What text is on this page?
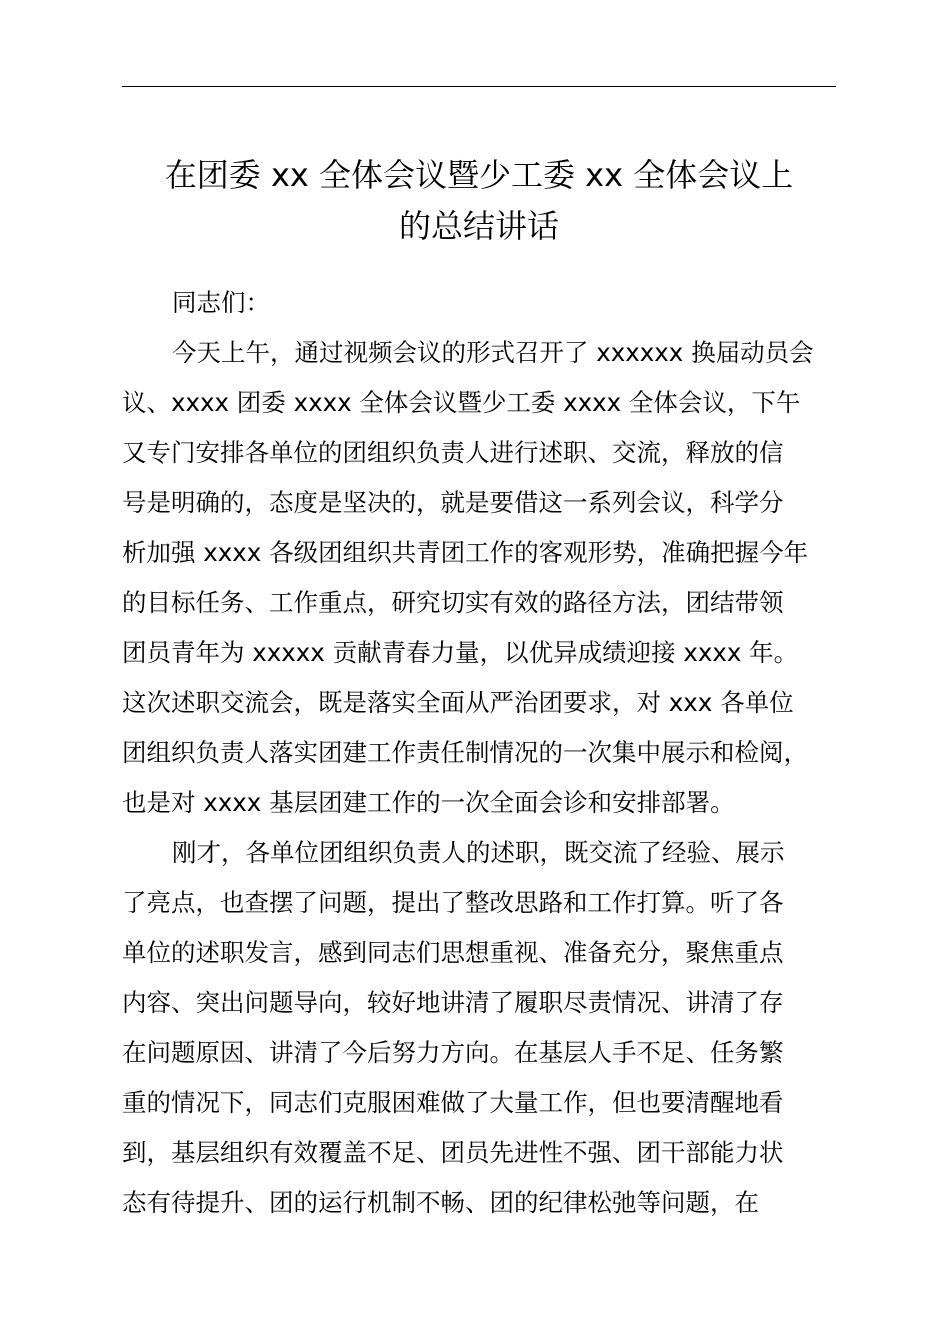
在团委 xx 全体会议暨少工委 xx 全体会议上
的总结讲话

同志们：

今天上午，通过视频会议的形式召开了 xxxxxx 换届动员会
议、xxxx 团委 xxxx 全体会议暨少工委 xxxx 全体会议，下午
又专门安排各单位的团组织负责人进行述职、交流，释放的信
号是明确的，态度是坚决的，就是要借这一系列会议，科学分
析加强 xxxx 各级团组织共青团工作的客观形势，准确把握今年
的目标任务、工作重点，研究切实有效的路径方法，团结带领
团员青年为 xxxxx 贡献青春力量，以优异成绩迎接 xxxx 年。
这次述职交流会，既是落实全面从严治团要求，对 xxx 各单位
团组织负责人落实团建工作责任制情况的一次集中展示和检阅，
也是对 xxxx 基层团建工作的一次全面会诊和安排部署。

刚才，各单位团组织负责人的述职，既交流了经验、展示
了亮点，也查摆了问题，提出了整改思路和工作打算。听了各
单位的述职发言，感到同志们思想重视、准备充分，聚焦重点
内容、突出问题导向，较好地讲清了履职尽责情况、讲清了存
在问题原因、讲清了今后努力方向。在基层人手不足、任务繁
重的情况下，同志们克服困难做了大量工作，但也要清醒地看
到，基层组织有效覆盖不足、团员先进性不强、团干部能力状
态有待提升、团的运行机制不畅、团的纪律松弛等问题，在
